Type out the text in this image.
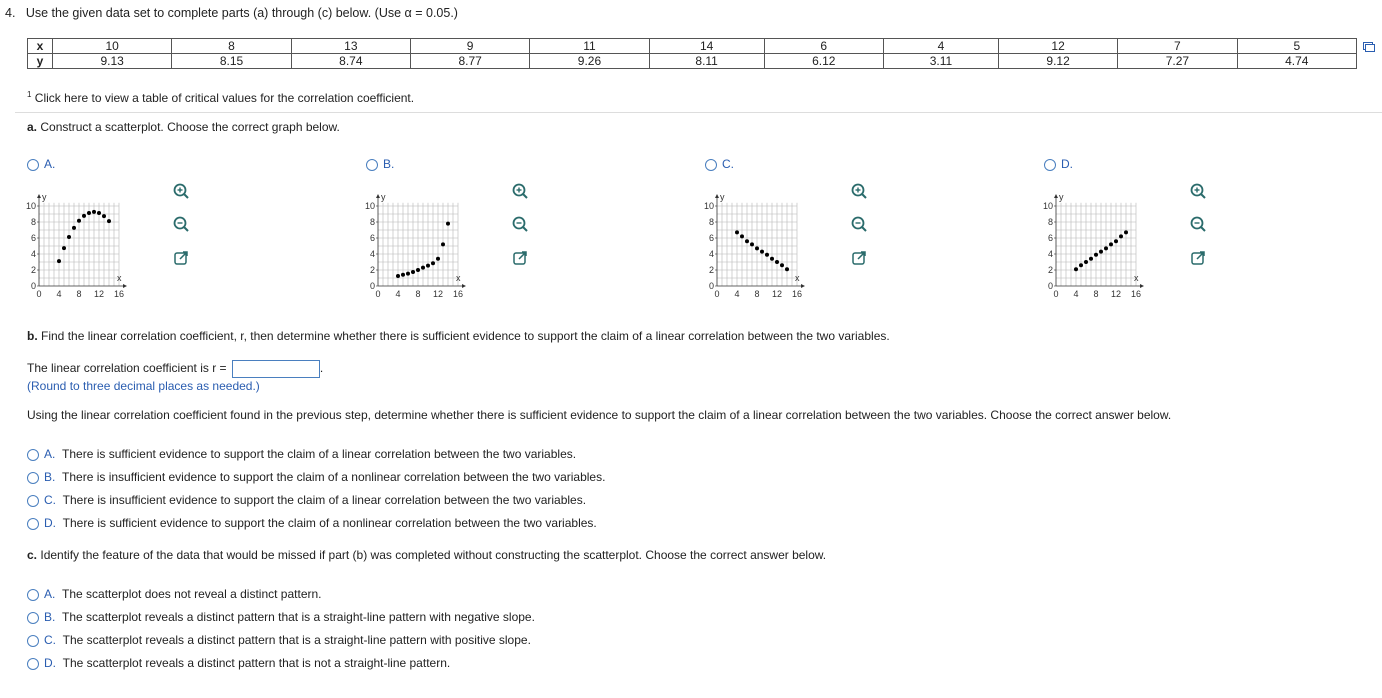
4. Use the given data set to complete parts (a) through (c) below. (Use α = 0.05.)
x	10	8	13	9	11	14	6	4	12	7	5
y	9.13	8.15	8.74	8.77	9.26	8.11	6.12	3.11	9.12	7.27	4.74
$^1$ Click here to view a table of critical values for the correlation coefficient.
a. Construct a scatterplot. Choose the correct graph below.
A.
0 4 8 12 16
0
2
4
6
8
10
x
y
B.
0 4 8 12 16
0
2
4
6
8
10
x
y
C.
0 4 8 12 16
0
2
4
6
8
10
x
y
D.
0 4 8 12 16
0
2
4
6
8
10
x
y
b. Find the linear correlation coefficient, r, then determine whether there is sufficient evidence to support the claim of a linear correlation between the two variables.
The linear correlation coefficient is r =	.
(Round to three decimal places as needed.)
Using the linear correlation coefficient found in the previous step, determine whether there is sufficient evidence to support the claim of a linear correlation between the two variables. Choose the correct answer below.
A. There is sufficient evidence to support the claim of a linear correlation between the two variables.
B. There is insufficient evidence to support the claim of a nonlinear correlation between the two variables.
C. There is insufficient evidence to support the claim of a linear correlation between the two variables.
D. There is sufficient evidence to support the claim of a nonlinear correlation between the two variables.
c. Identify the feature of the data that would be missed if part (b) was completed without constructing the scatterplot. Choose the correct answer below.
A. The scatterplot does not reveal a distinct pattern.
B. The scatterplot reveals a distinct pattern that is a straight-line pattern with negative slope.
C. The scatterplot reveals a distinct pattern that is a straight-line pattern with positive slope.
D. The scatterplot reveals a distinct pattern that is not a straight-line pattern.
